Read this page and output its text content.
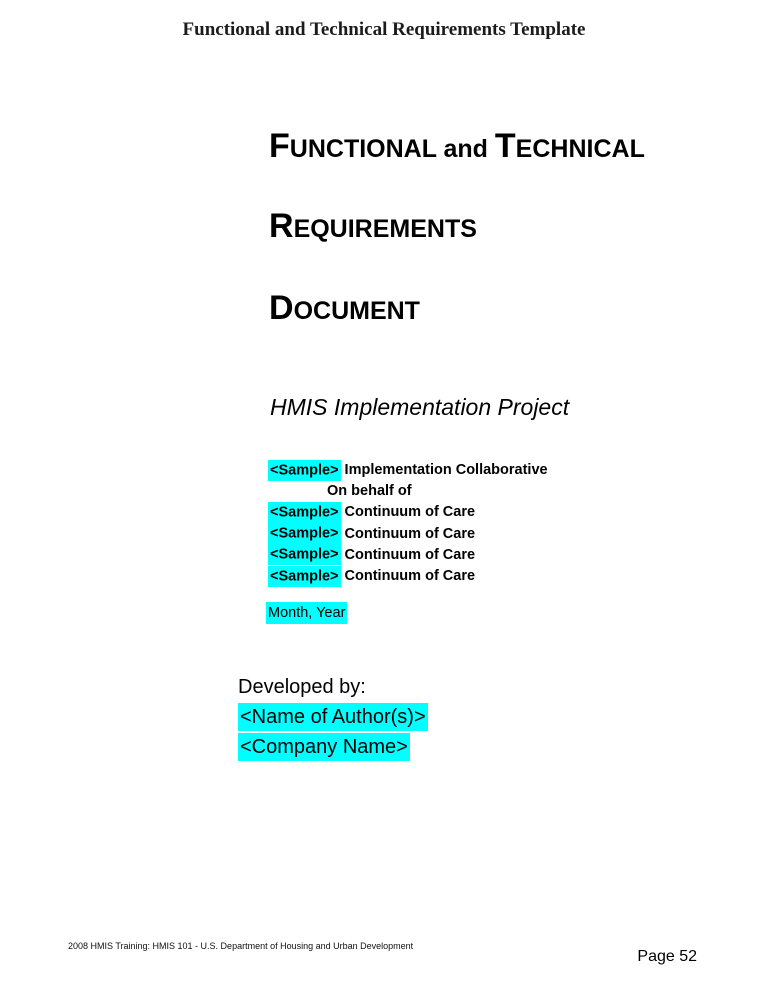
Functional and Technical Requirements Template
FUNCTIONAL and TECHNICAL
REQUIREMENTS
DOCUMENT
HMIS Implementation Project
<Sample> Implementation Collaborative
On behalf of
<Sample> Continuum of Care
<Sample> Continuum of Care
<Sample> Continuum of Care
<Sample> Continuum of Care
Month, Year
Developed by:
<Name of Author(s)>
<Company Name>
2008 HMIS Training: HMIS 101 - U.S. Department of Housing and Urban Development
Page 52
